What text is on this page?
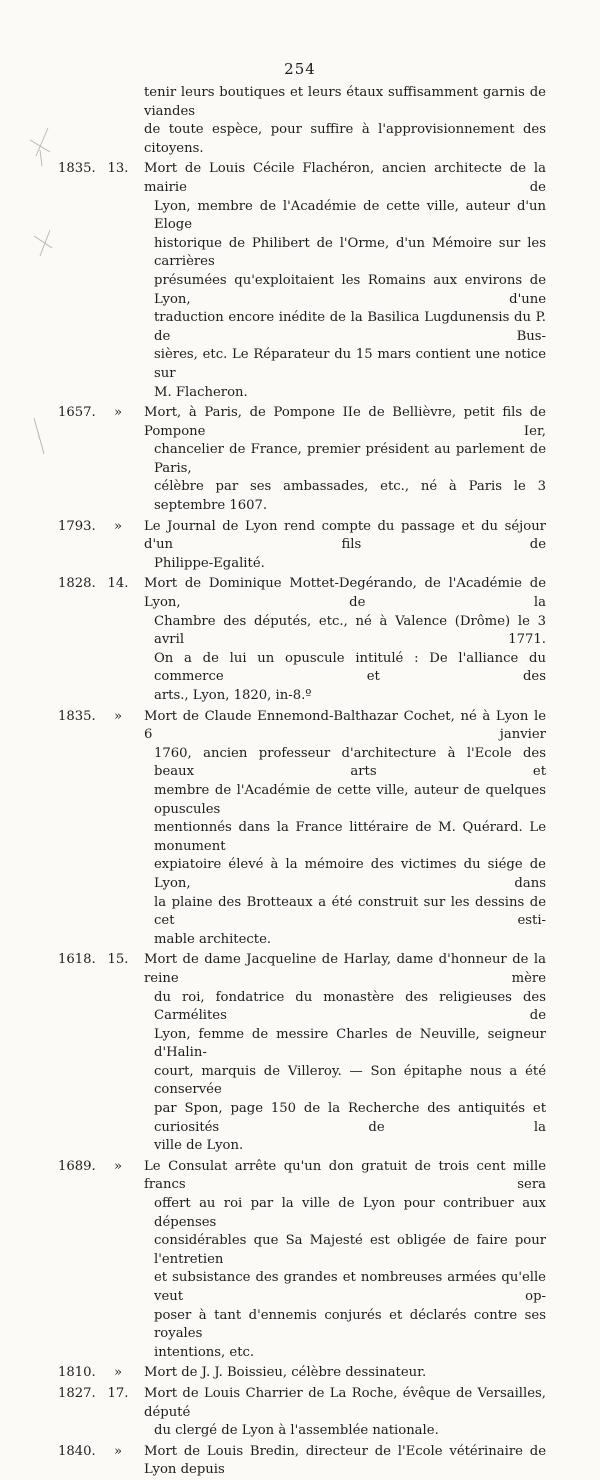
254
tenir leurs boutiques et leurs étaux suffisamment garnis de viandes
de toute espèce, pour suffire à l'approvisionnement des citoyens.
1835. 13. Mort de Louis Cécile Flachéron, ancien architecte de la mairie de
Lyon, membre de l'Académie de cette ville, auteur d'un Eloge
historique de Philibert de l'Orme, d'un Mémoire sur les carrières
présumées qu'exploitaient les Romains aux environs de Lyon, d'une
traduction encore inédite de la Basilica Lugdunensis du P. de Bus-
sières, etc. Le Réparateur du 15 mars contient une notice sur
M. Flacheron.
1657.	»	Mort, à Paris, de Pompone IIe de Bellièvre, petit fils de Pompone Ier,
chancelier de France, premier président au parlement de Paris,
célèbre par ses ambassades, etc., né à Paris le 3 septembre 1607.
1793.	»	Le Journal de Lyon rend compte du passage et du séjour d'un fils de
Philippe-Egalité.
1828. 14. Mort de Dominique Mottet-Degérando, de l'Académie de Lyon, de la
Chambre des députés, etc., né à Valence (Drôme) le 3 avril 1771.
On a de lui un opuscule intitulé : De l'alliance du commerce et des
arts., Lyon, 1820, in-8.º
1835.	»	Mort de Claude Ennemond-Balthazar Cochet, né à Lyon le 6 janvier
1760, ancien professeur d'architecture à l'Ecole des beaux arts et
membre de l'Académie de cette ville, auteur de quelques opuscules
mentionnés dans la France littéraire de M. Quérard. Le monument
expiatoire élevé à la mémoire des victimes du siége de Lyon, dans
la plaine des Brotteaux a été construit sur les dessins de cet esti-
mable architecte.
1618. 15. Mort de dame Jacqueline de Harlay, dame d'honneur de la reine mère
du roi, fondatrice du monastère des religieuses des Carmélites de
Lyon, femme de messire Charles de Neuville, seigneur d'Halin-
court, marquis de Villeroy. — Son épitaphe nous a été conservée
par Spon, page 150 de la Recherche des antiquités et curiosités de la
ville de Lyon.
1689.	»	Le Consulat arrête qu'un don gratuit de trois cent mille francs sera
offert au roi par la ville de Lyon pour contribuer aux dépenses
considérables que Sa Majesté est obligée de faire pour l'entretien
et subsistance des grandes et nombreuses armées qu'elle veut op-
poser à tant d'ennemis conjurés et déclarés contre ses royales
intentions, etc.
1810.	»	Mort de J. J. Boissieu, célèbre dessinateur.
1827. 17. Mort de Louis Charrier de La Roche, évêque de Versailles, député
du clergé de Lyon à l'assemblée nationale.
1840.	»	Mort de Louis Bredin, directeur de l'Ecole vétérinaire de Lyon depuis
